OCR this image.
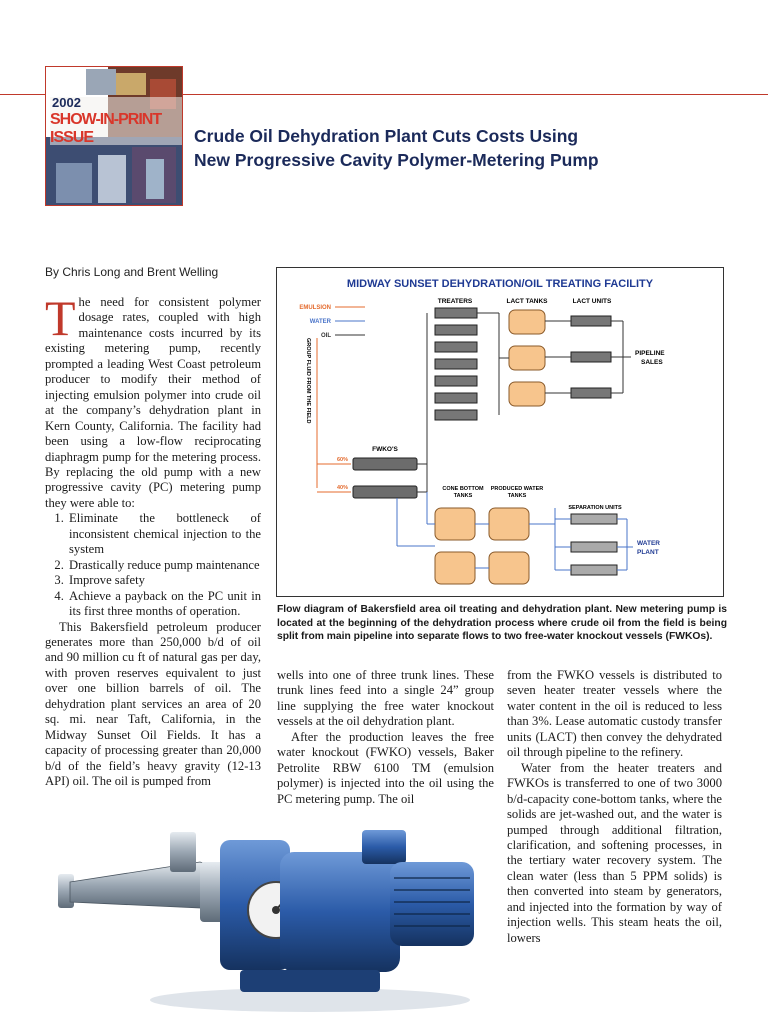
2002
SHOW-IN-PRINT
ISSUE	Crude Oil Dehydration Plant Cuts Costs Using
New Progressive Cavity Polymer-Metering Pump
By Chris Long and Brent Welling

The need for consistent polymer dosage rates, coupled with high maintenance costs incurred by its existing metering pump, recently prompted a leading West Coast petroleum producer to modify their method of injecting emulsion polymer into crude oil at the company’s dehydration plant in Kern County, California. The facility had been using a low-flow reciprocating diaphragm pump for the metering process. By replacing the old pump with a new progressive cavity (PC) metering pump they were able to:

1. Eliminate the bottleneck of inconsistent chemical injection to the system
2. Drastically reduce pump maintenance
3. Improve safety
4. Achieve a payback on the PC unit in its first three months of operation.

This Bakersfield petroleum producer generates more than 250,000 b/d of oil and 90 million cu ft of natural gas per day, with proven reserves equivalent to just over one billion barrels of oil. The dehydration plant services an area of 20 sq. mi. near Taft, California, in the Midway Sunset Oil Fields. It has a capacity of processing greater than 20,000 b/d of the field’s heavy gravity (12-13 API) oil. The oil is pumped from

MIDWAY SUNSET DEHYDRATION/OIL TREATING FACILITY
EMULSION
WATER
OIL
TREATERS	LACT TANKS	LACT UNITS
GROUP FLUID FROM THE FIELD
60%
40%
FWKO'S
PIPELINE
SALES
CONE BOTTOM
TANKS
PRODUCED WATER
TANKS
SEPARATION UNITS
WATER
PLANT
Flow diagram of Bakersfield area oil treating and dehydration plant. New metering pump is located at the beginning of the dehydration process where crude oil from the field is being split from main pipeline into separate flows to two free-water knockout vessels (FWKOs).

wells into one of three trunk lines. These trunk lines feed into a single 24” group line supplying the free water knockout vessels at the oil dehydration plant.

After the production leaves the free water knockout (FWKO) vessels, Baker Petrolite RBW 6100 TM (emulsion polymer) is injected into the oil using the PC metering pump. The oil

from the FWKO vessels is distributed to seven heater treater vessels where the water content in the oil is reduced to less than 3%. Lease automatic custody transfer units (LACT) then convey the dehydrated oil through pipeline to the refinery.

Water from the heater treaters and FWKOs is transferred to one of two 3000 b/d-capacity cone-bottom tanks, where the solids are jet-washed out, and the water is pumped through additional filtration, clarification, and softening processes, in the tertiary water recovery system. The clean water (less than 5 PPM solids) is then converted into steam by generators, and injected into the formation by way of injection wells. This steam heats the oil, lowers
